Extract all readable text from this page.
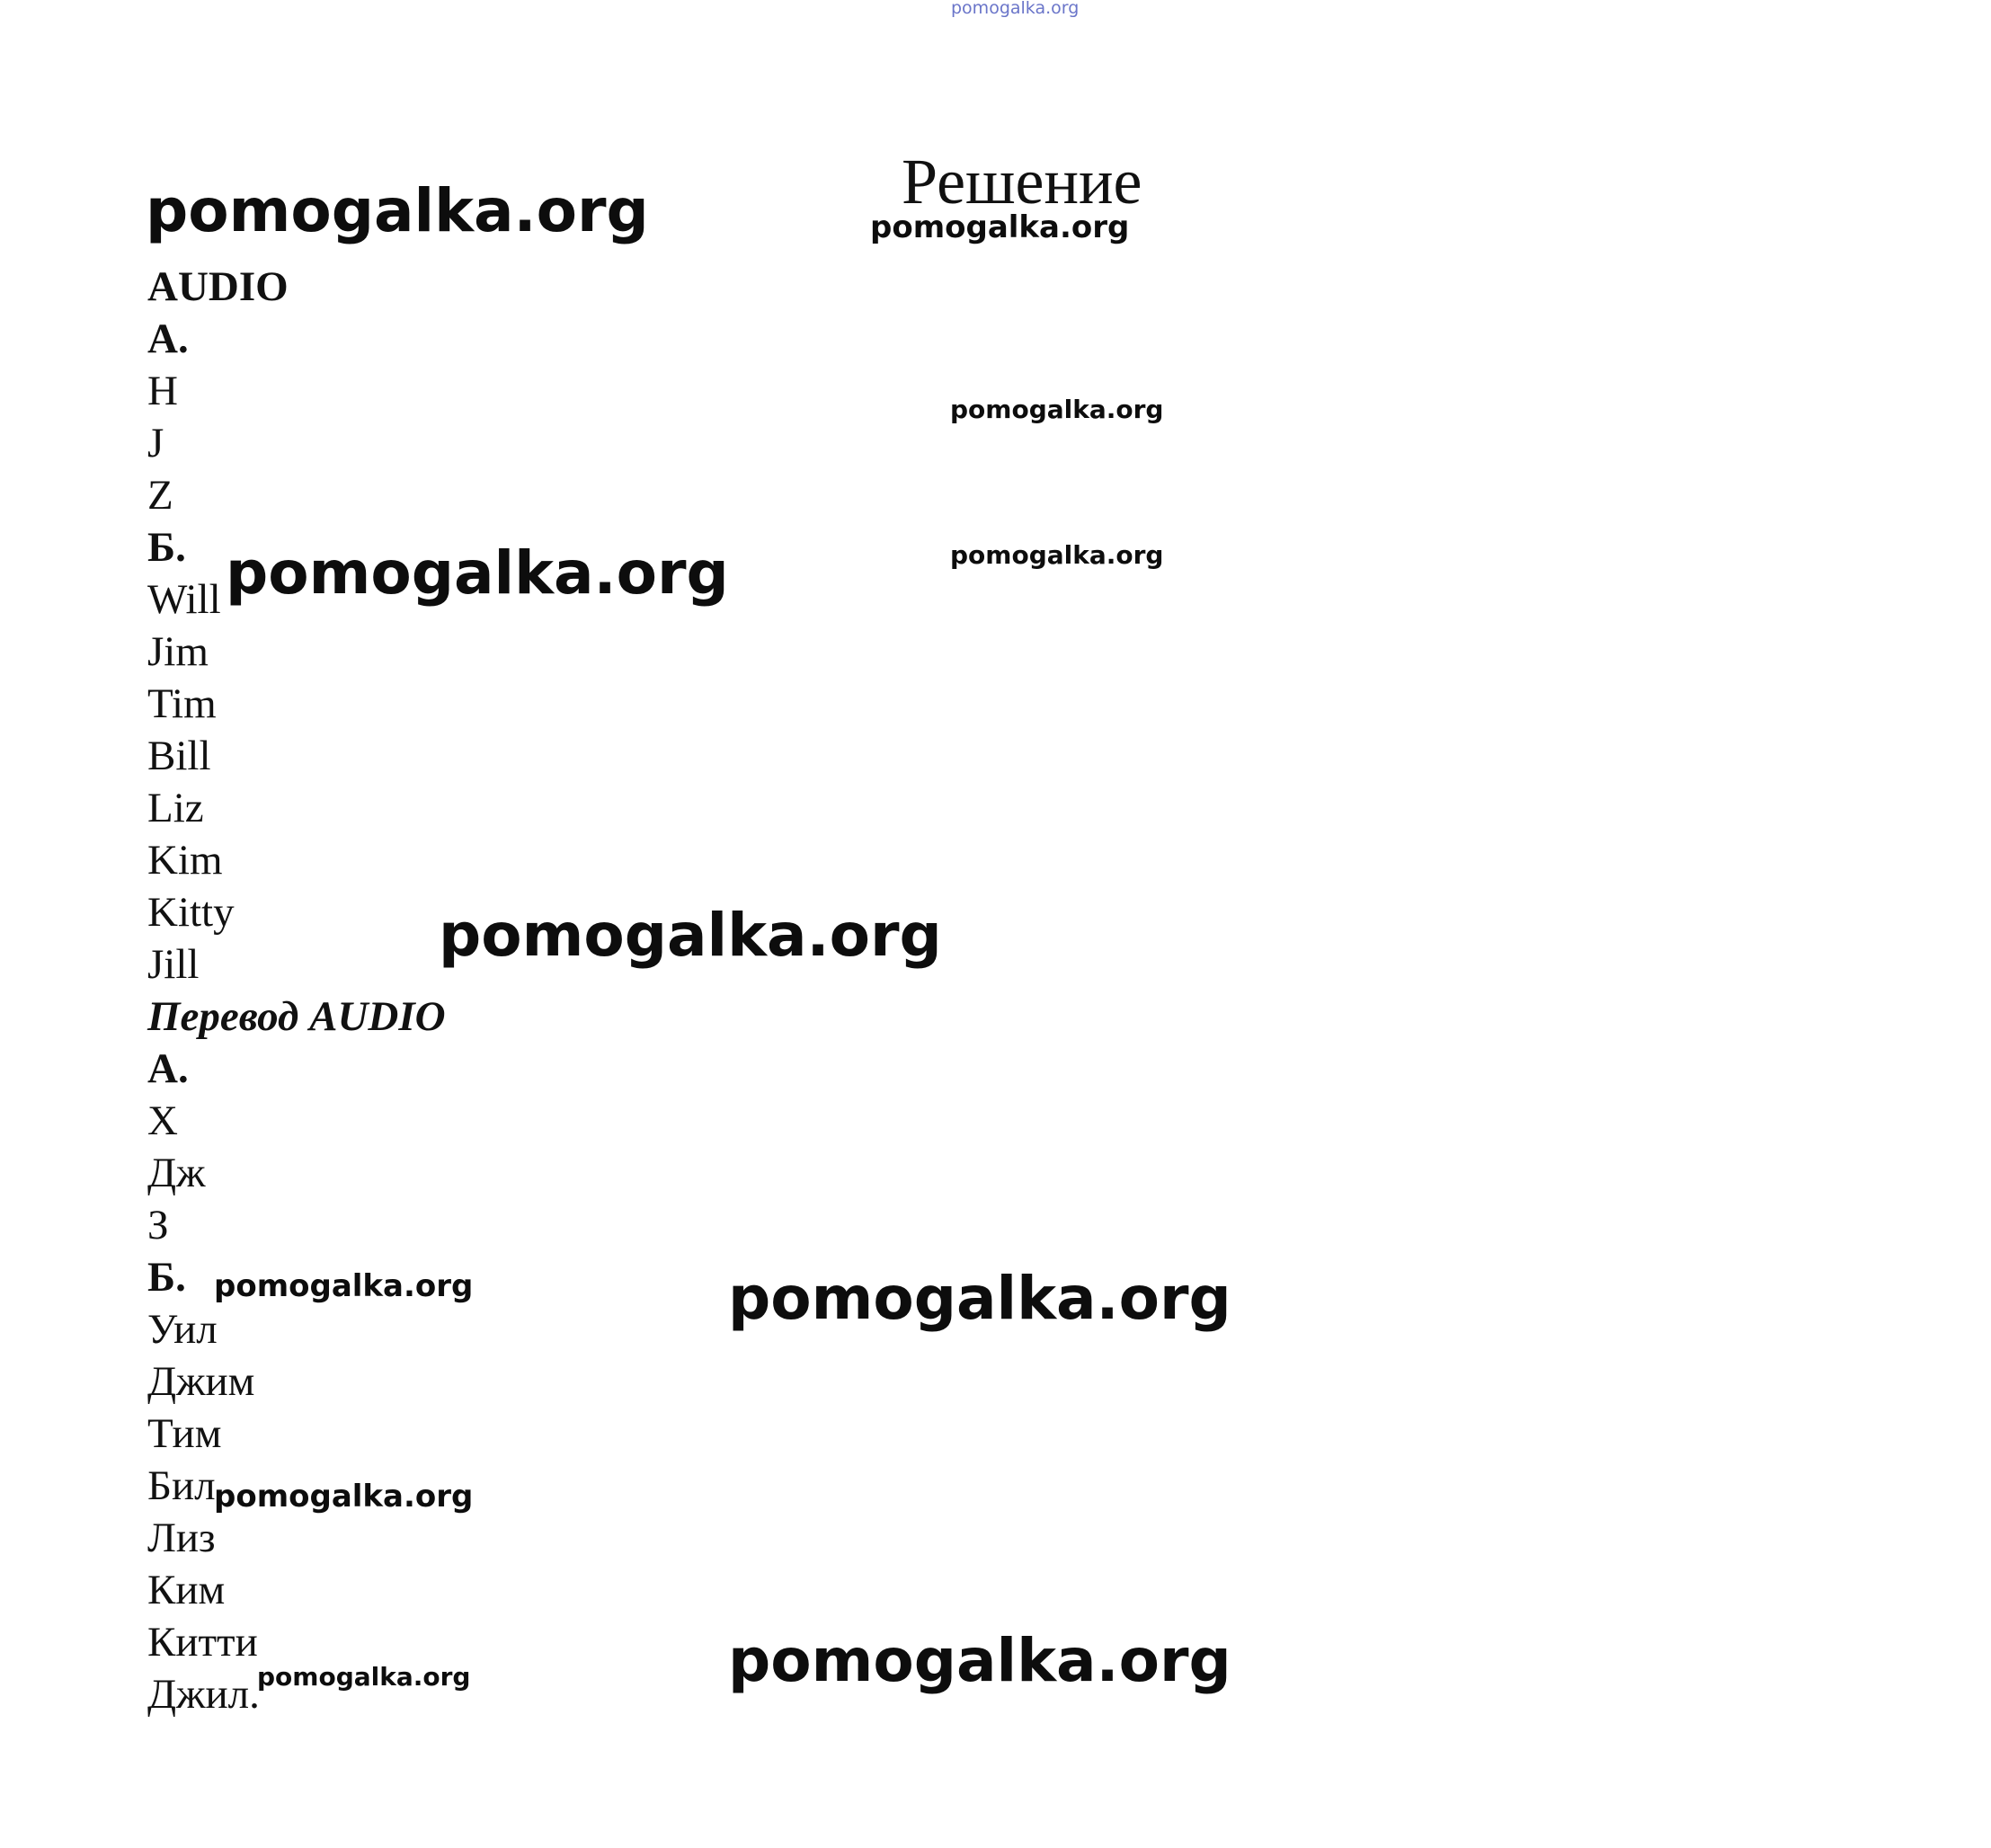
pomogalka.org
Решение
AUDIO
А.
H
J
Z
Б.
Will
Jim
Tim
Bill
Liz
Kim
Kitty
Jill
Перевод AUDIO
А.
Х
Дж
З
Б.
Уил
Джим
Тим
Бил
Лиз
Ким
Китти
Джил.
pomogalka.org	pomogalka.org
pomogalka.org
pomogalka.org
pomogalka.org
pomogalka.org
pomogalka.org	pomogalka.org
pomogalka.org
pomogalka.org	pomogalka.org
